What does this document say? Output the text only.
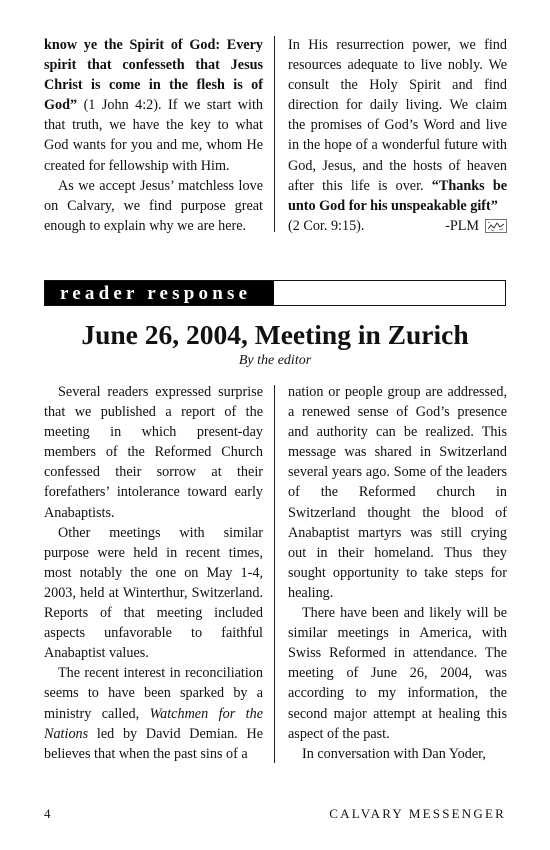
know ye the Spirit of God: Every spirit that confesseth that Jesus Christ is come in the flesh is of God” (1 John 4:2). If we start with that truth, we have the key to what God wants for you and me, whom He created for fellowship with Him.

As we accept Jesus’ matchless love on Calvary, we find purpose great enough to explain why we are here.

In His resurrection power, we find resources adequate to live nobly. We consult the Holy Spirit and find direction for daily living. We claim the promises of God’s Word and live in the hope of a wonderful future with God, Jesus, and the hosts of heaven after this life is over. “Thanks be unto God for his unspeakable gift”

(2 Cor. 9:15).	-PLM
reader response
June 26, 2004, Meeting in Zurich
By the editor

Several readers expressed surprise that we published a report of the meeting in which present-day members of the Reformed Church confessed their sorrow at their forefathers’ intolerance toward early Anabaptists.

Other meetings with similar purpose were held in recent times, most notably the one on May 1-4, 2003, held at Winterthur, Switzerland. Reports of that meeting included aspects unfavorable to faithful Anabaptist values.

The recent interest in reconciliation seems to have been sparked by a ministry called, Watchmen for the Nations led by David Demian. He believes that when the past sins of a

nation or people group are addressed, a renewed sense of God’s presence and authority can be realized. This message was shared in Switzerland several years ago. Some of the leaders of the Reformed church in Switzerland thought the blood of Anabaptist martyrs was still crying out in their homeland. Thus they sought opportunity to take steps for healing.

There have been and likely will be similar meetings in America, with Swiss Reformed in attendance. The meeting of June 26, 2004, was according to my information, the second major attempt at healing this aspect of the past.

In conversation with Dan Yoder,

4	CALVARY MESSENGER
